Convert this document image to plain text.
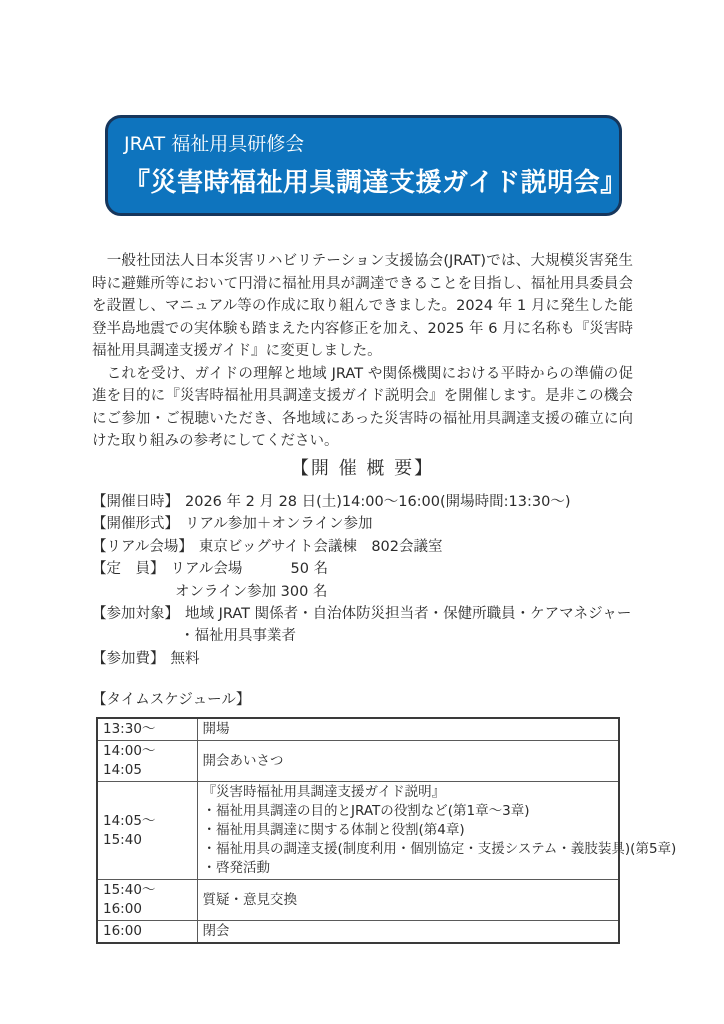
JRAT 福祉用具研修会
『災害時福祉用具調達支援ガイド説明会』

　一般社団法人日本災害リハビリテーション支援協会(JRAT)では、大規模災害発生時に避難所等において円滑に福祉用具が調達できることを目指し、福祉用具委員会を設置し、マニュアル等の作成に取り組んできました。2024 年 1 月に発生した能登半島地震での実体験も踏まえた内容修正を加え、2025 年 6 月に名称も『災害時福祉用具調達支援ガイド』に変更しました。

　これを受け、ガイドの理解と地域 JRAT や関係機関における平時からの準備の促進を目的に『災害時福祉用具調達支援ガイド説明会』を開催します。是非この機会にご参加・ご視聴いただき、各地域にあった災害時の福祉用具調達支援の確立に向けた取り組みの参考にしてください。

【開 催 概 要】
【開催日時】 2026 年 2 月 28 日(土)14:00～16:00(開場時間:13:30～)
【開催形式】 リアル参加＋オンライン参加
【リアル会場】 東京ビッグサイト会議棟　802会議室
【定　員】 リアル会場　　　 50 名
オンライン参加 300 名
【参加対象】 地域 JRAT 関係者・自治体防災担当者・保健所職員・ケアマネジャー
・福祉用具事業者
【参加費】 無料
【タイムスケジュール】
13:30～	開場
14:00～14:05	開会あいさつ
14:05～15:40	『災害時福祉用具調達支援ガイド説明』
・福祉用具調達の目的とJRATの役割など(第1章～3章)
・福祉用具調達に関する体制と役割(第4章)
・福祉用具の調達支援(制度利用・個別協定・支援システム・義肢装具)(第5章)
・啓発活動

15:40～16:00	質疑・意見交換
16:00	閉会
